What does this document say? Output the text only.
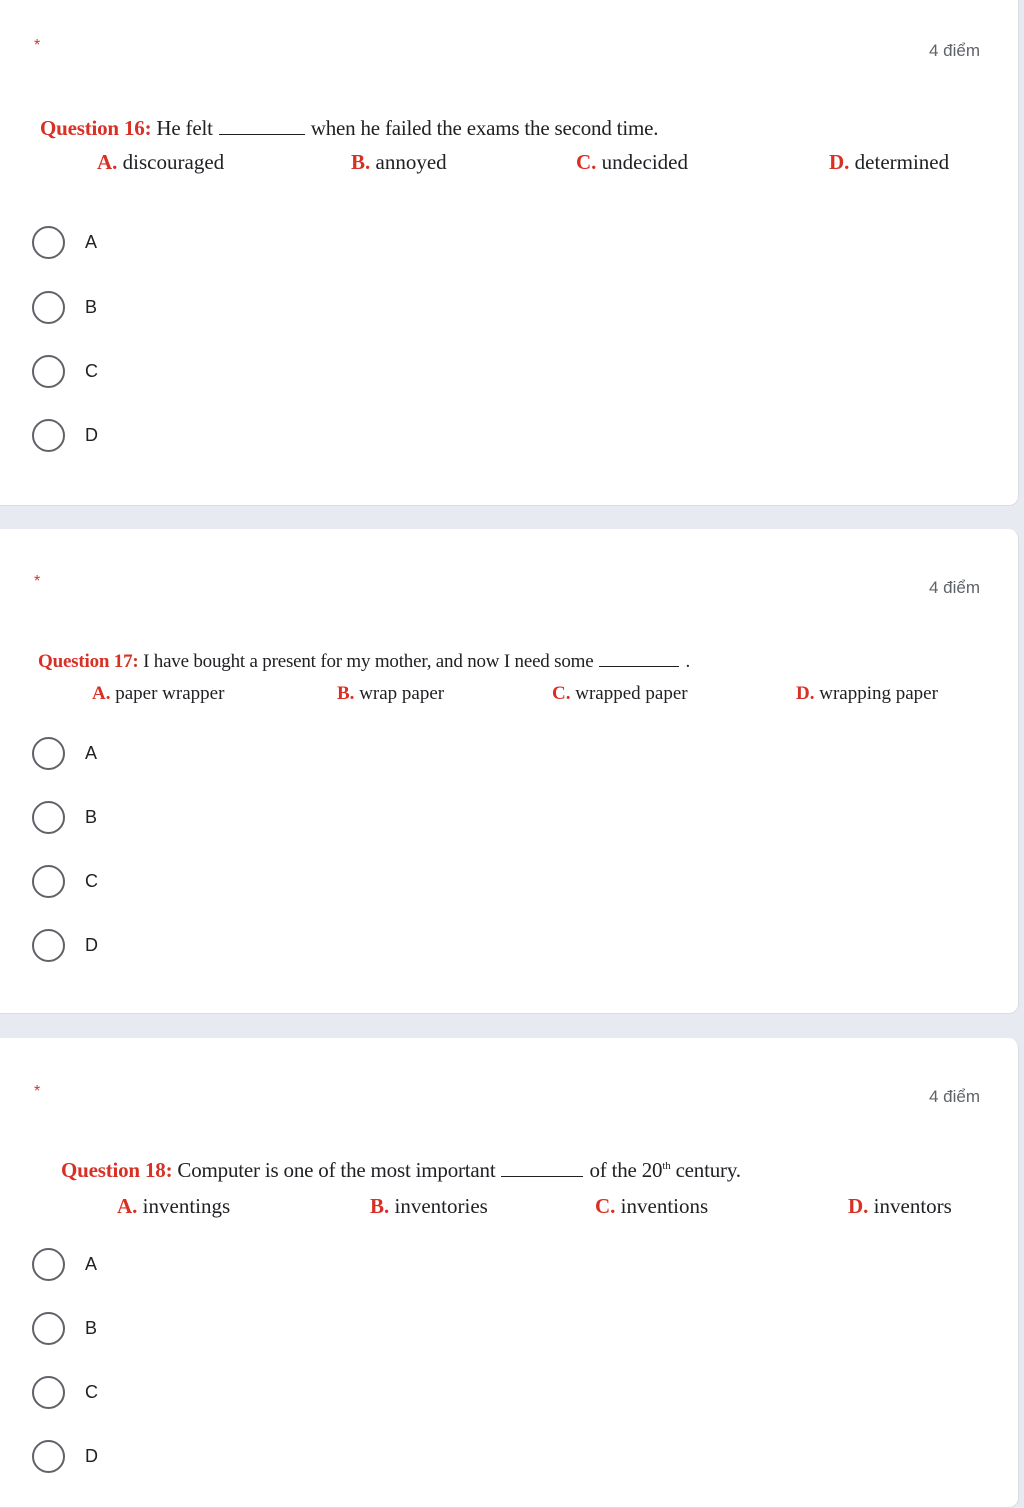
*	4 điểm
Question 16: He felt	when he failed the exams the second time.
A. discouraged	B. annoyed	C. undecided	D. determined
A
B
C
D
*	4 điểm
Question 17: I have bought a present for my mother, and now I need some	.
A. paper wrapper	B. wrap paper	C. wrapped paper	D. wrapping paper
A
B
C
D
*	4 điểm
Question 18: Computer is one of the most important	of the 20th century.
A. inventings	B. inventories	C. inventions	D. inventors
A
B
C
D
